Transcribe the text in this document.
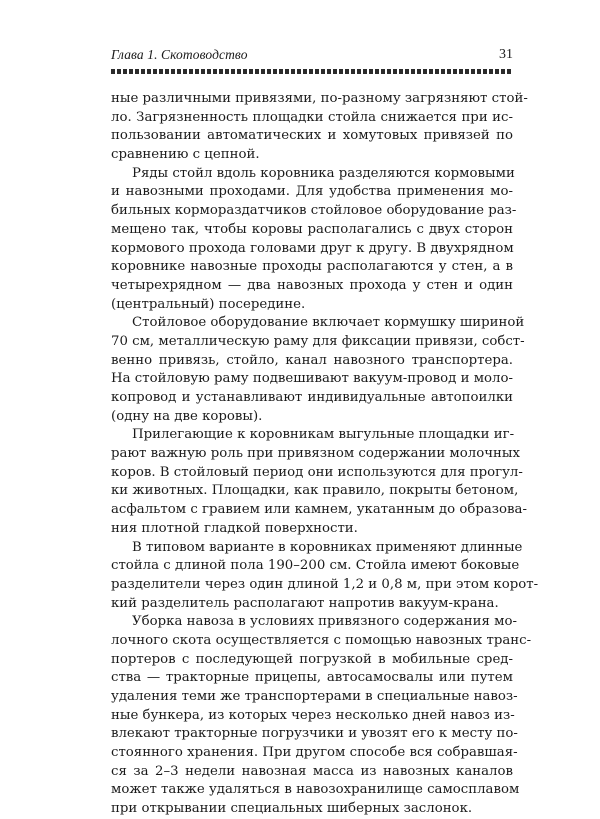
Глава 1. Скотоводство	31
ные различными привязями, по-разному загрязняют стой-
ло. Загрязненность площадки стойла снижается при ис-
пользовании автоматических и хомутовых привязей по
сравнению с цепной.
Ряды стойл вдоль коровника разделяются кормовыми
и навозными проходами. Для удобства применения мо-
бильных кормораздатчиков стойловое оборудование раз-
мещено так, чтобы коровы располагались с двух сторон
кормового прохода головами друг к другу. В двухрядном
коровнике навозные проходы располагаются у стен, а в
четырехрядном — два навозных прохода у стен и один
(центральный) посередине.
Стойловое оборудование включает кормушку шириной
70 см, металлическую раму для фиксации привязи, собст-
венно привязь, стойло, канал навозного транспортера.
На стойловую раму подвешивают вакуум-провод и моло-
копровод и устанавливают индивидуальные автопоилки
(одну на две коровы).
Прилегающие к коровникам выгульные площадки иг-
рают важную роль при привязном содержании молочных
коров. В стойловый период они используются для прогул-
ки животных. Площадки, как правило, покрыты бетоном,
асфальтом с гравием или камнем, укатанным до образова-
ния плотной гладкой поверхности.
В типовом варианте в коровниках применяют длинные
стойла с длиной пола 190–200 см. Стойла имеют боковые
разделители через один длиной 1,2 и 0,8 м, при этом корот-
кий разделитель располагают напротив вакуум-крана.
Уборка навоза в условиях привязного содержания мо-
лочного скота осуществляется с помощью навозных транс-
портеров с последующей погрузкой в мобильные сред-
ства — тракторные прицепы, автосамосвалы или путем
удаления теми же транспортерами в специальные навоз-
ные бункера, из которых через несколько дней навоз из-
влекают тракторные погрузчики и увозят его к месту по-
стоянного хранения. При другом способе вся собравшая-
ся за 2–3 недели навозная масса из навозных каналов
может также удаляться в навозохранилище самосплавом
при открывании специальных шиберных заслонок.
